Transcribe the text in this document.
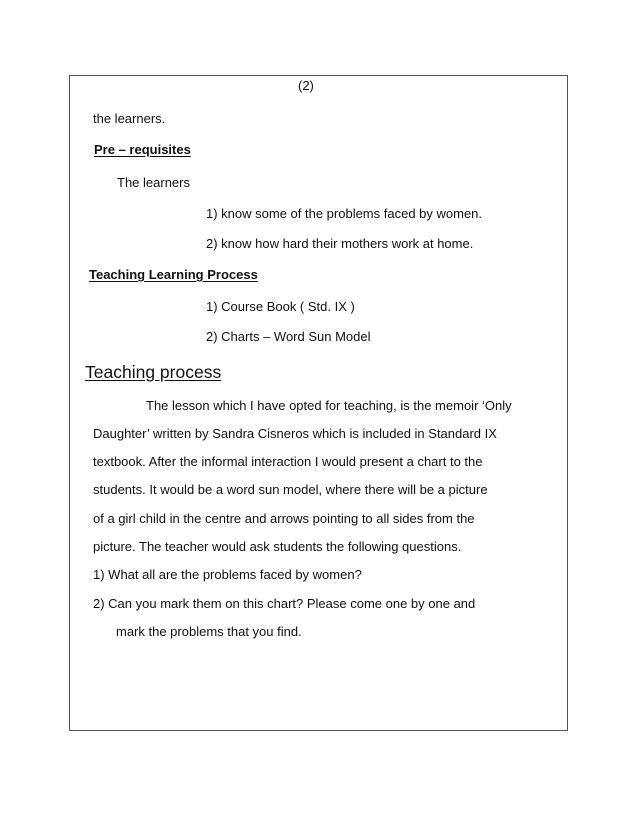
(2)
the learners.
Pre – requisites
The learners
1) know some of the problems faced by women.
2) know how hard their mothers work at home.
Teaching Learning Process
1) Course Book ( Std. IX )
2) Charts – Word Sun Model
Teaching process
The lesson which I have opted for teaching, is the memoir ‘Only
Daughter’ written by Sandra Cisneros which is included in Standard IX
textbook. After the informal interaction I would present a chart to the
students. It would be a word sun model, where there will be a picture
of a girl child in the centre and arrows pointing to all sides from the
picture. The teacher would ask students the following questions.
1) What all are the problems faced by women?
2) Can you mark them on this chart? Please come one by one and
mark the problems that you find.
